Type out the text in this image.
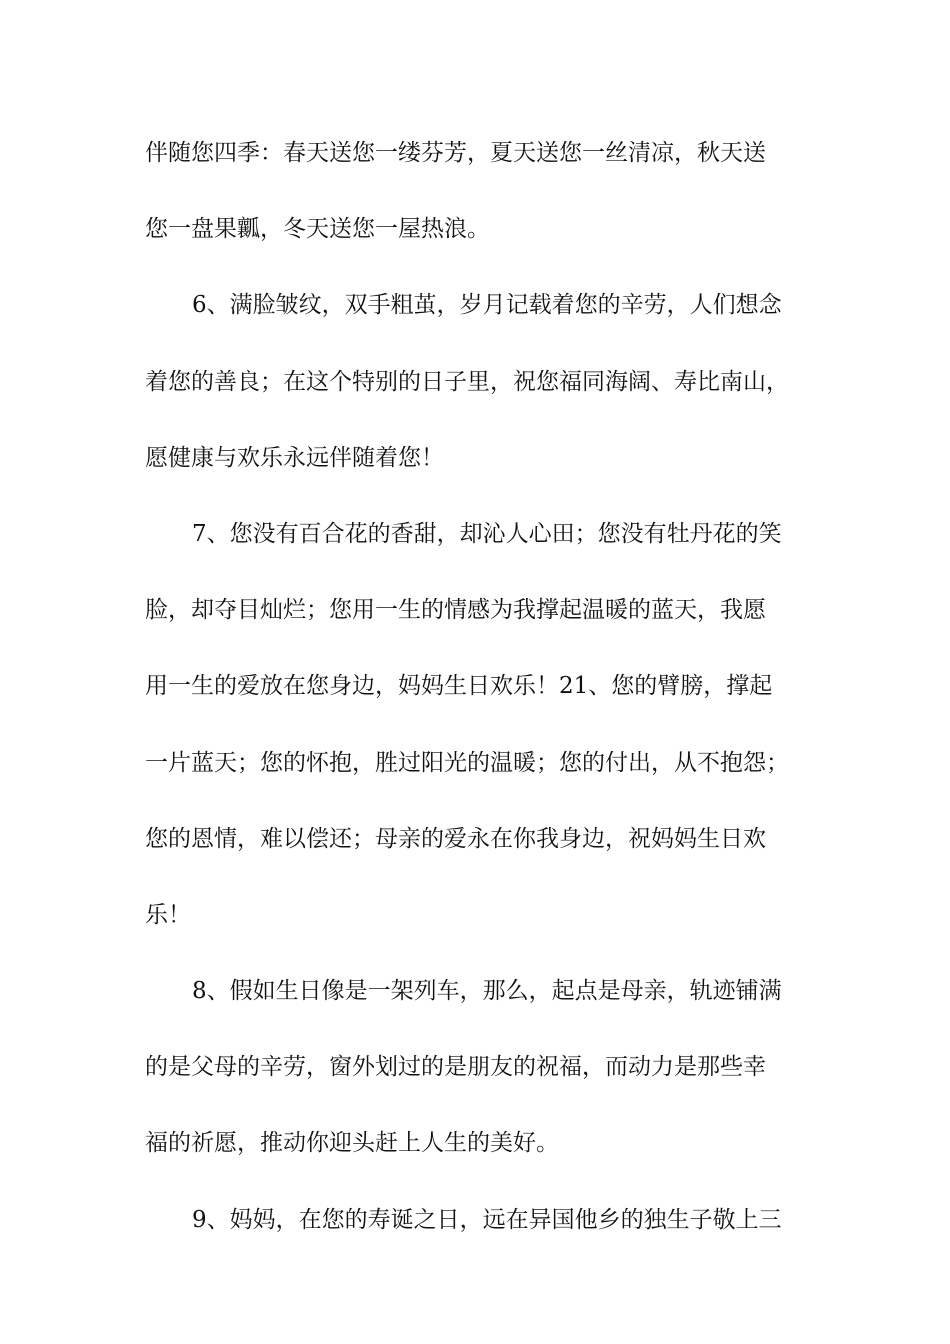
伴随您四季：春天送您一缕芬芳，夏天送您一丝清凉，秋天送
您一盘果瓤，冬天送您一屋热浪。
6、满脸皱纹，双手粗茧，岁月记载着您的辛劳，人们想念
着您的善良；在这个特别的日子里，祝您福同海阔、寿比南山，
愿健康与欢乐永远伴随着您！
7、您没有百合花的香甜，却沁人心田；您没有牡丹花的笑
脸，却夺目灿烂；您用一生的情感为我撑起温暖的蓝天，我愿
用一生的爱放在您身边，妈妈生日欢乐！21、您的臂膀，撑起
一片蓝天；您的怀抱，胜过阳光的温暖；您的付出，从不抱怨；
您的恩情，难以偿还；母亲的爱永在你我身边，祝妈妈生日欢
乐！
8、假如生日像是一架列车，那么，起点是母亲，轨迹铺满
的是父母的辛劳，窗外划过的是朋友的祝福，而动力是那些幸
福的祈愿，推动你迎头赶上人生的美好。
9、妈妈，在您的寿诞之日，远在异国他乡的独生子敬上三
